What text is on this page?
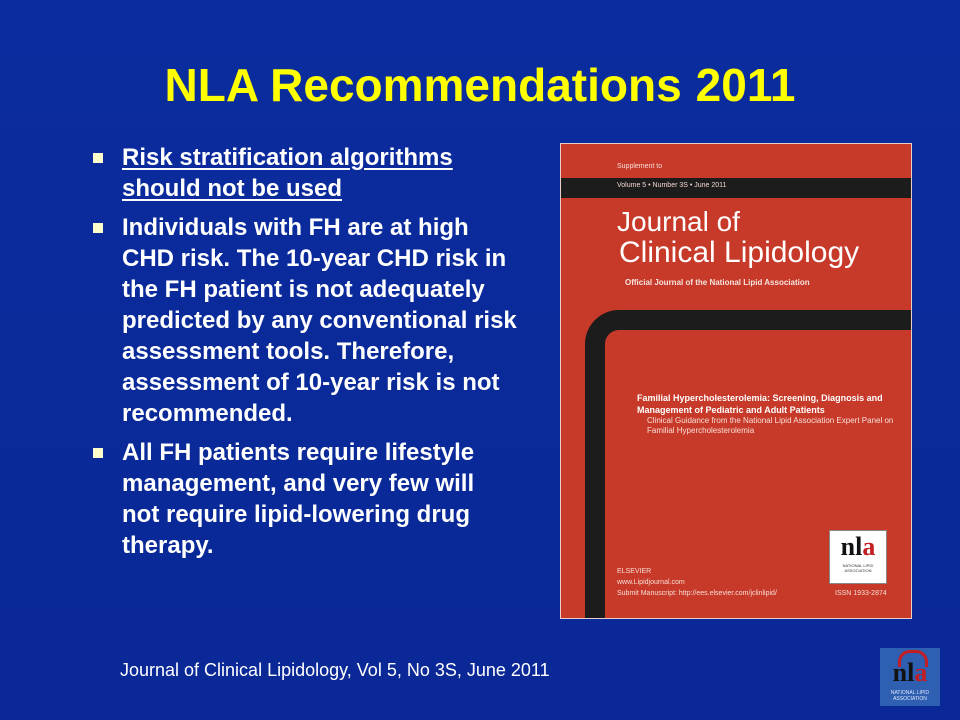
NLA Recommendations 2011
Risk stratification algorithms should not be used
Individuals with FH are at high CHD risk. The 10-year CHD risk in the FH patient is not adequately predicted by any conventional risk assessment tools. Therefore, assessment of 10-year risk is not recommended.
All FH patients require lifestyle management, and very few will not require lipid-lowering drug therapy.
Supplement to
Volume 5 • Number 3S • June 2011
Journal of
Clinical Lipidology
Official Journal of the National Lipid Association
Familial Hypercholesterolemia: Screening, Diagnosis and Management of Pediatric and Adult Patients
Clinical Guidance from the National Lipid Association Expert Panel on Familial Hypercholesterolemia
nla
NATIONAL LIPID ASSOCIATION
ELSEVIER
www.Lipidjournal.com
Submit Manuscript: http://ees.elsevier.com/jclinlipid/	ISSN 1933-2874
Journal of Clinical Lipidology, Vol 5, No 3S, June 2011	nla
NATIONAL LIPID ASSOCIATION
